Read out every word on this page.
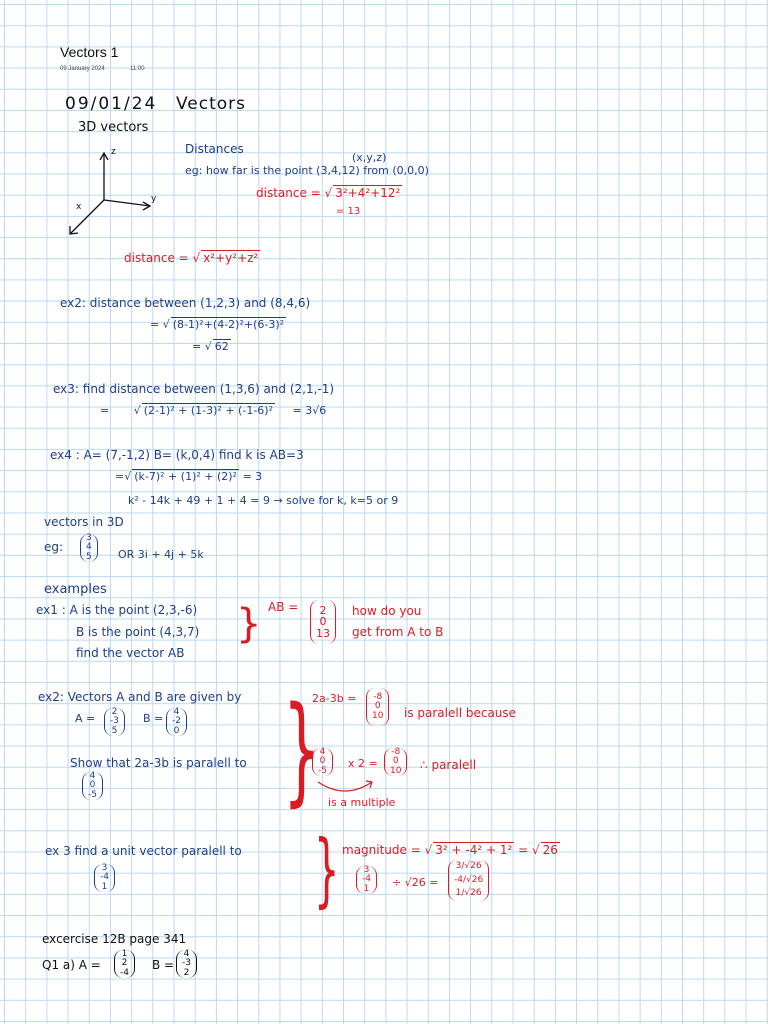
Vectors 1
09 January 2024	11:00
09/01/24 Vectors
3D vectors
z
y
x
Distances
(x,y,z)
eg: how far is the point (3,4,12) from (0,0,0)
distance = √ 3²+4²+12²
= 13
distance = √ x²+y²+z²
ex2: distance between (1,2,3) and (8,4,6)
= √ (8-1)²+(4-2)²+(6-3)²
= √ 62
ex3: find distance between (1,3,6) and (2,1,-1)
=       √ (2-1)² + (1-3)² + (-1-6)² = 3√6
ex4 : A= (7,-1,2) B= (k,0,4) find k is AB=3
=√ (k-7)² + (1)² + (2)² = 3
k² - 14k + 49 + 1 + 4 = 9 → solve for k, k=5 or 9
vectors in 3D
eg:
3
4
5 OR 3i + 4j + 5k
examples
ex1 : A is the point (2,3,-6)
B is the point (4,3,7)
find the vector AB
} AB = 2
0
13
how do you
get from A to B
ex2: Vectors A and B are given by
A = 2
-3
5
B = 4
-2
0
Show that 2a-3b is paralell to
4
0
-5 }
2a-3b = -8
0
10 is paralell because
4
0
-5
x 2 =
-8
0
10 ∴ paralell
is a multiple
ex 3 find a unit vector paralell to
3
-4
1	} magnitude = √ 3² + -4² + 1² = √ 26
3
-4
1 ÷ √26 =
3/√26
-4/√26
1/√26
excercise 12B page 341
Q1 a) A =
1
2
-4
B =
4
-3
2
